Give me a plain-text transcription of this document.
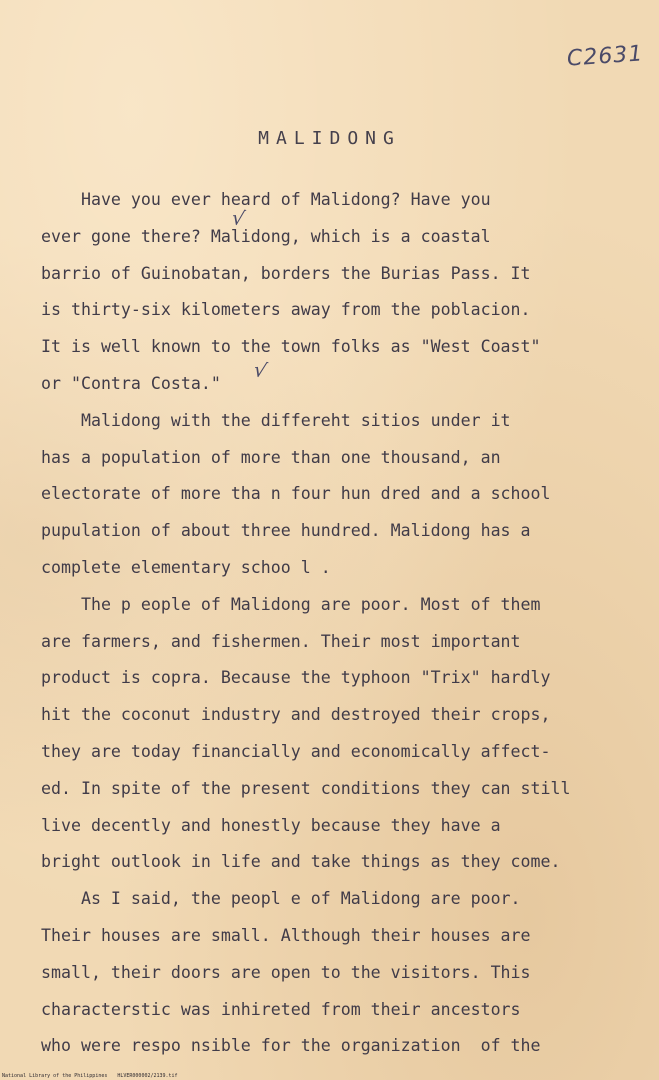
C2631
MALIDONG
Have you ever heard of Malidong? Have you
ever gone there? Malidong, which is a coastal
barrio of Guinobatan, borders the Burias Pass. It
is thirty-six kilometers away from the poblacion.
It is well known to the town folks as "West Coast"
or "Contra Costa."
Malidong with the differeht sitios under it
has a population of more than one thousand, an
electorate of more tha n four hun dred and a school
pupulation of about three hundred. Malidong has a
complete elementary schoo l .
The p eople of Malidong are poor. Most of them
are farmers, and fishermen. Their most important
product is copra. Because the typhoon "Trix" hardly
hit the coconut industry and destroyed their crops,
they are today financially and economically affect-
ed. In spite of the present conditions they can still
live decently and honestly because they have a
bright outlook in life and take things as they come.
As I said, the peopl e of Malidong are poor.
Their houses are small. Although their houses are
small, their doors are open to the visitors. This
characterstic was inhireted from their ancestors
who were respo nsible for the organization  of the
√
√
National Library of the Philippines HLVER000002/2139.tif
